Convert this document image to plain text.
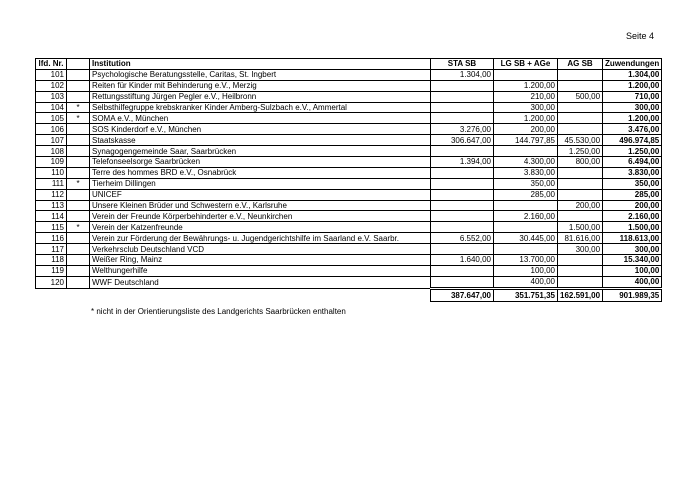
Seite 4
lfd. Nr.		Institution	STA SB	LG SB + AGe	AG SB	Zuwendungen
101		Psychologische Beratungsstelle, Caritas, St. Ingbert	1.304,00			1.304,00
102		Reiten für Kinder mit Behinderung e.V., Merzig		1.200,00		1.200,00
103		Rettungsstiftung Jürgen Pegler e.V., Heilbronn		210,00	500,00	710,00
104	*	Selbsthilfegruppe krebskranker Kinder Amberg-Sulzbach e.V., Ammertal		300,00		300,00
105	*	SOMA e.V., München		1.200,00		1.200,00
106		SOS Kinderdorf e.V., München	3.276,00	200,00		3.476,00
107		Staatskasse	306.647,00	144.797,85	45.530,00	496.974,85
108		Synagogengemeinde Saar, Saarbrücken			1.250,00	1.250,00
109		Telefonseelsorge Saarbrücken	1.394,00	4.300,00	800,00	6.494,00
110		Terre des hommes BRD e.V., Osnabrück		3.830,00		3.830,00
111	*	Tierheim Dillingen		350,00		350,00
112		UNICEF		285,00		285,00
113		Unsere Kleinen Brüder und Schwestern e.V., Karlsruhe			200,00	200,00
114		Verein der Freunde Körperbehinderter e.V., Neunkirchen		2.160,00		2.160,00
115	*	Verein der Katzenfreunde			1.500,00	1.500,00
116		Verein zur Förderung der Bewährungs- u. Jugendgerichtshilfe im Saarland e.V. Saarbr.	6.552,00	30.445,00	81.616,00	118.613,00
117		Verkehrsclub Deutschland VCD			300,00	300,00
118		Weißer Ring, Mainz	1.640,00	13.700,00		15.340,00
119		Welthungerhilfe		100,00		100,00
120		WWF Deutschland		400,00		400,00
			387.647,00	351.751,35	162.591,00	901.989,35
* nicht in der Orientierungsliste des Landgerichts Saarbrücken enthalten
